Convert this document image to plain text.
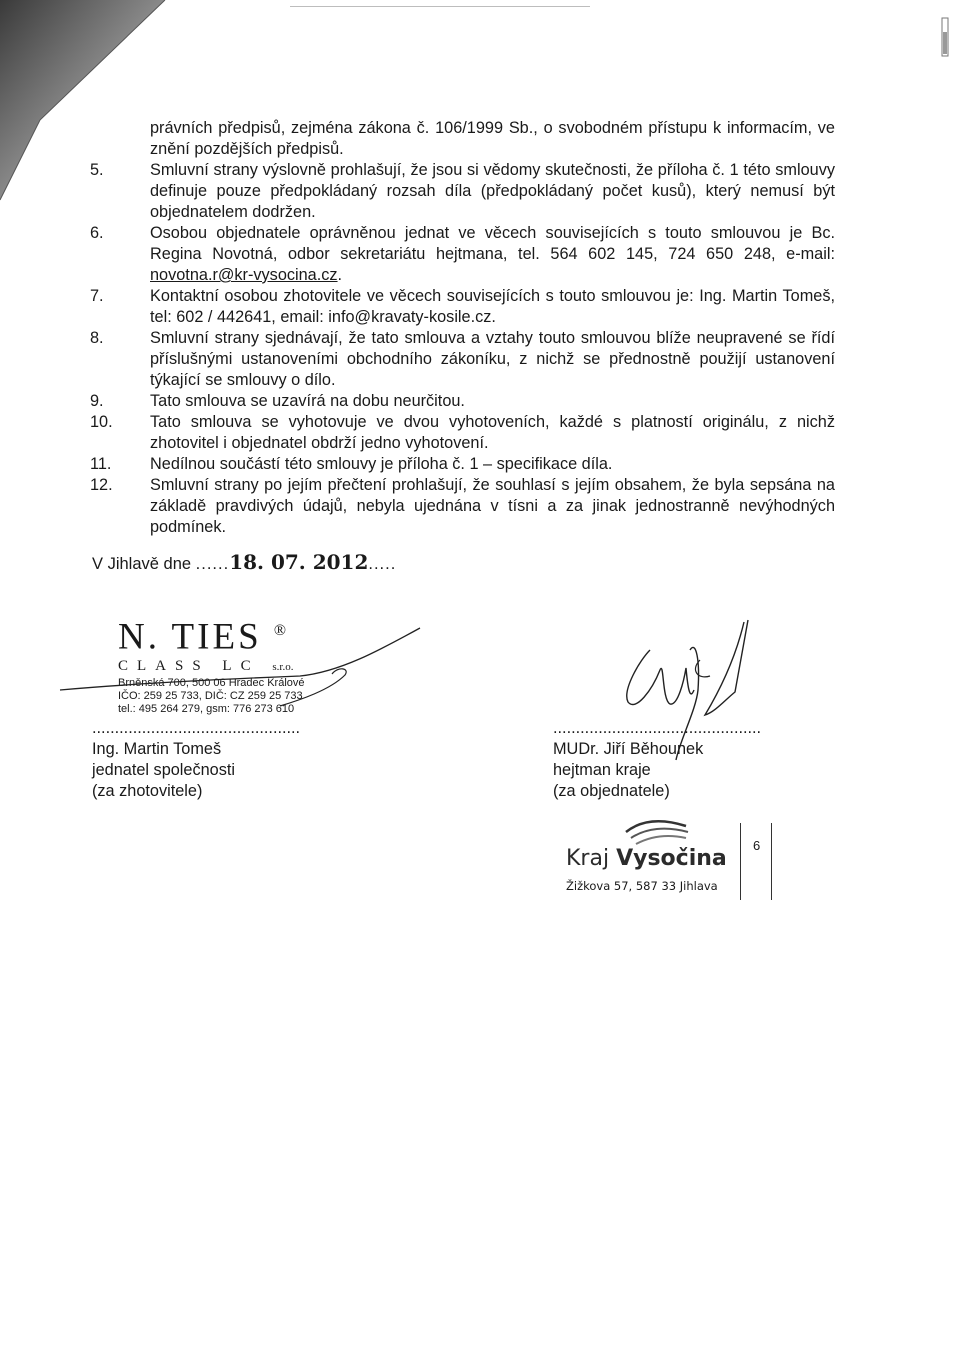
právních předpisů, zejména zákona č. 106/1999 Sb., o svobodném přístupu k informacím, ve znění pozdějších předpisů.
5.	Smluvní strany výslovně prohlašují, že jsou si vědomy skutečnosti, že příloha č. 1 této smlouvy definuje pouze předpokládaný rozsah díla (předpokládaný počet kusů), který nemusí být objednatelem dodržen.
6.	Osobou objednatele oprávněnou jednat ve věcech souvisejících s touto smlouvou je Bc. Regina Novotná, odbor sekretariátu hejtmana, tel. 564 602 145, 724 650 248, e-mail: novotna.r@kr-vysocina.cz.
7.	Kontaktní osobou zhotovitele ve věcech souvisejících s touto smlouvou je: Ing. Martin Tomeš, tel: 602 / 442641, email: info@kravaty-kosile.cz.
8.	Smluvní strany sjednávají, že tato smlouva a vztahy touto smlouvou blíže neupravené se řídí příslušnými ustanoveními obchodního zákoníku, z nichž se přednostně použijí ustanovení týkající se smlouvy o dílo.
9.	Tato smlouva se uzavírá na dobu neurčitou.
10.	Tato smlouva se vyhotovuje ve dvou vyhotoveních, každé s platností originálu, z nichž zhotovitel i objednatel obdrží jedno vyhotovení.
11.	Nedílnou součástí této smlouvy je příloha č. 1 – specifikace díla.
12.	Smluvní strany po jejím přečtení prohlašují, že souhlasí s jejím obsahem, že byla sepsána na základě pravdivých údajů, nebyla ujednána v tísni a za jinak jednostranně nevýhodných podmínek.
V Jihlavě dne ......18. 07. 2012.....
N. TIES ®
CLASS LC s.r.o.
Brněnská 700, 500 06 Hradec Králové
IČO: 259 25 733, DIČ: CZ 259 25 733
tel.: 495 264 279, gsm: 776 273 610
..............................................
Ing. Martin Tomeš
jednatel společnosti
(za zhotovitele)
..............................................
MUDr. Jiří Běhounek
hejtman kraje
(za objednatele)
Kraj Vysočina
Žižkova 57, 587 33 Jihlava
6
